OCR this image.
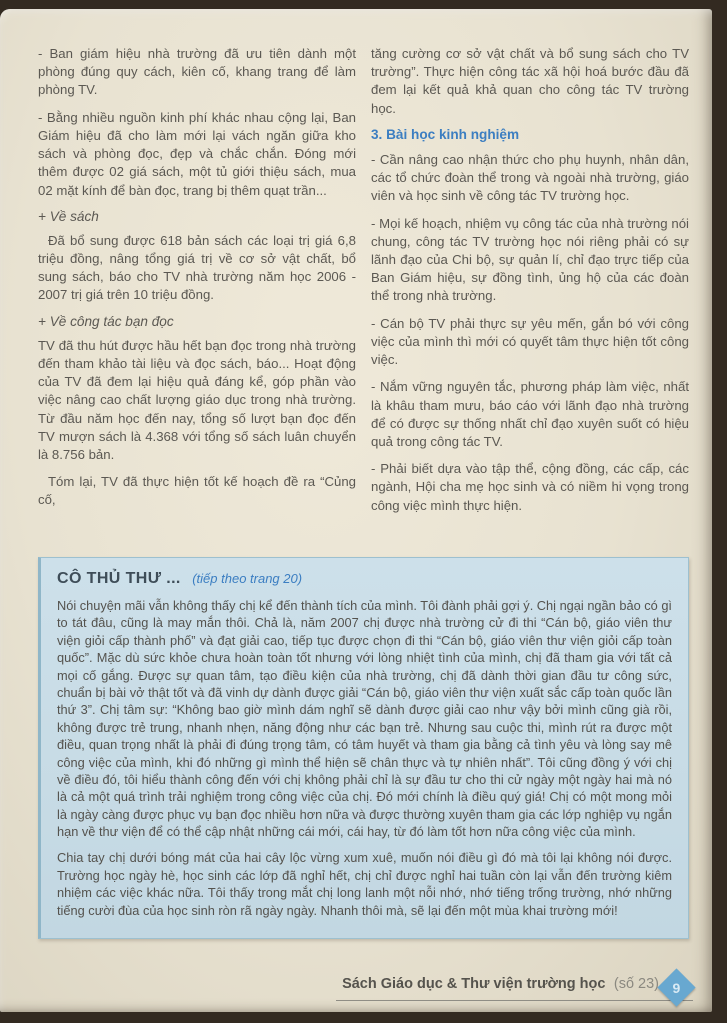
- Ban giám hiệu nhà trường đã ưu tiên dành một phòng đúng quy cách, kiên cố, khang trang để làm phòng TV.

- Bằng nhiều nguồn kinh phí khác nhau cộng lại, Ban Giám hiệu đã cho làm mới lại vách ngăn giữa kho sách và phòng đọc, đẹp và chắc chắn. Đóng mới thêm được 02 giá sách, một tủ giới thiệu sách, mua 02 mặt kính để bàn đọc, trang bị thêm quạt trần...

+ Về sách

Đã bổ sung được 618 bản sách các loại trị giá 6,8 triệu đồng, nâng tổng giá trị về cơ sở vật chất, bổ sung sách, báo cho TV nhà trường năm học 2006 - 2007 trị giá trên 10 triệu đồng.

+ Về công tác bạn đọc

TV đã thu hút được hầu hết bạn đọc trong nhà trường đến tham khảo tài liệu và đọc sách, báo... Hoạt động của TV đã đem lại hiệu quả đáng kể, góp phần vào việc nâng cao chất lượng giáo dục trong nhà trường. Từ đầu năm học đến nay, tổng số lượt bạn đọc đến TV mượn sách là 4.368 với tổng số sách luân chuyển là 8.756 bản.

Tóm lại, TV đã thực hiện tốt kế hoạch đề ra “Củng cố,

tăng cường cơ sở vật chất và bổ sung sách cho TV trường”. Thực hiện công tác xã hội hoá bước đầu đã đem lại kết quả khả quan cho công tác TV trường học.

3. Bài học kinh nghiệm

- Cần nâng cao nhận thức cho phụ huynh, nhân dân, các tổ chức đoàn thể trong và ngoài nhà trường, giáo viên và học sinh về công tác TV trường học.

- Mọi kế hoạch, nhiệm vụ công tác của nhà trường nói chung, công tác TV trường học nói riêng phải có sự lãnh đạo của Chi bộ, sự quản lí, chỉ đạo trực tiếp của Ban Giám hiệu, sự đồng tình, ủng hộ của các đoàn thể trong nhà trường.

- Cán bộ TV phải thực sự yêu mến, gắn bó với công việc của mình thì mới có quyết tâm thực hiện tốt công việc.

- Nắm vững nguyên tắc, phương pháp làm việc, nhất là khâu tham mưu, báo cáo với lãnh đạo nhà trường để có được sự thống nhất chỉ đạo xuyên suốt có hiệu quả trong công tác TV.

- Phải biết dựa vào tập thể, cộng đồng, các cấp, các ngành, Hội cha mẹ học sinh và có niềm hi vọng trong công việc mình thực hiện.

CÔ THỦ THƯ ... (tiếp theo trang 20)

Nói chuyện mãi vẫn không thấy chị kể đến thành tích của mình. Tôi đành phải gợi ý. Chị ngại ngần bảo có gì to tát đâu, cũng là may mắn thôi. Chả là, năm 2007 chị được nhà trường cử đi thi “Cán bộ, giáo viên thư viện giỏi cấp thành phố” và đạt giải cao, tiếp tục được chọn đi thi “Cán bộ, giáo viên thư viện giỏi cấp toàn quốc”. Mặc dù sức khỏe chưa hoàn toàn tốt nhưng với lòng nhiệt tình của mình, chị đã tham gia với tất cả mọi cố gắng. Được sự quan tâm, tạo điều kiện của nhà trường, chị đã dành thời gian đầu tư công sức, chuẩn bị bài vở thật tốt và đã vinh dự dành được giải “Cán bộ, giáo viên thư viện xuất sắc cấp toàn quốc lần thứ 3”. Chị tâm sự: “Không bao giờ mình dám nghĩ sẽ dành được giải cao như vậy bởi mình cũng già rồi, không được trẻ trung, nhanh nhẹn, năng động như các bạn trẻ. Nhưng sau cuộc thi, mình rút ra được một điều, quan trọng nhất là phải đi đúng trọng tâm, có tâm huyết và tham gia bằng cả tình yêu và lòng say mê công việc của mình, khi đó những gì mình thể hiện sẽ chân thực và tự nhiên nhất”. Tôi cũng đồng ý với chị về điều đó, tôi hiểu thành công đến với chị không phải chỉ là sự đầu tư cho thi cử ngày một ngày hai mà nó là cả một quá trình trải nghiệm trong công việc của chị. Đó mới chính là điều quý giá! Chị có một mong mỏi là ngày càng được phục vụ bạn đọc nhiều hơn nữa và được thường xuyên tham gia các lớp nghiệp vụ ngắn hạn về thư viện để có thể cập nhật những cái mới, cái hay, từ đó làm tốt hơn nữa công việc của mình.

Chia tay chị dưới bóng mát của hai cây lộc vừng xum xuê, muốn nói điều gì đó mà tôi lại không nói được. Trường học ngày hè, học sinh các lớp đã nghỉ hết, chị chỉ được nghỉ hai tuần còn lại vẫn đến trường kiêm nhiệm các việc khác nữa. Tôi thấy trong mắt chị long lanh một nỗi nhớ, nhớ tiếng trống trường, nhớ những tiếng cười đùa của học sinh ròn rã ngày ngày. Nhanh thôi mà, sẽ lại đến một mùa khai trường mới!

Sách Giáo dục & Thư viện trường học (số 23) 9
